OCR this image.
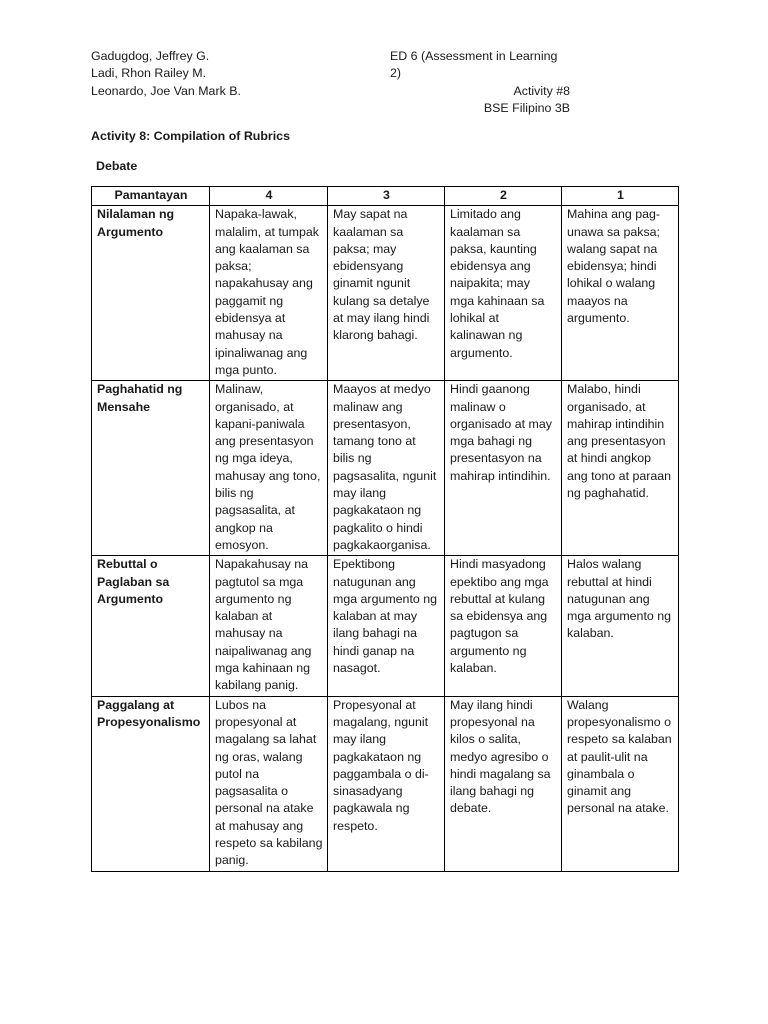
Gadugdog, Jeffrey G.
Ladi, Rhon Railey M.
Leonardo, Joe Van Mark B.
ED 6 (Assessment in Learning 2)
Activity #8
BSE Filipino 3B
Activity 8: Compilation of Rubrics
Debate
Pamantayan	4	3	2	1
Nilalaman ng Argumento	Napaka-lawak, malalim, at tumpak ang kaalaman sa paksa; napakahusay ang paggamit ng ebidensya at mahusay na ipinaliwanag ang mga punto.	May sapat na kaalaman sa paksa; may ebidensyang ginamit ngunit kulang sa detalye at may ilang hindi klarong bahagi.	Limitado ang kaalaman sa paksa, kaunting ebidensya ang naipakita; may mga kahinaan sa lohikal at kalinawan ng argumento.	Mahina ang pag-unawa sa paksa; walang sapat na ebidensya; hindi lohikal o walang maayos na argumento.
Paghahatid ng Mensahe	Malinaw, organisado, at kapani-paniwala ang presentasyon ng mga ideya, mahusay ang tono, bilis ng pagsasalita, at angkop na emosyon.	Maayos at medyo malinaw ang presentasyon, tamang tono at bilis ng pagsasalita, ngunit may ilang pagkakataon ng pagkalito o hindi pagkakaorganisa.	Hindi gaanong malinaw o organisado at may mga bahagi ng presentasyon na mahirap intindihin.	Malabo, hindi organisado, at mahirap intindihin ang presentasyon at hindi angkop ang tono at paraan ng paghahatid.
Rebuttal o Paglaban sa Argumento	Napakahusay na pagtutol sa mga argumento ng kalaban at mahusay na naipaliwanag ang mga kahinaan ng kabilang panig.	Epektibong natugunan ang mga argumento ng kalaban at may ilang bahagi na hindi ganap na nasagot.	Hindi masyadong epektibo ang mga rebuttal at kulang sa ebidensya ang pagtugon sa argumento ng kalaban.	Halos walang rebuttal at hindi natugunan ang mga argumento ng kalaban.
Paggalang at Propesyonalismo	Lubos na propesyonal at magalang sa lahat ng oras, walang putol na pagsasalita o personal na atake at mahusay ang respeto sa kabilang panig.	Propesyonal at magalang, ngunit may ilang pagkakataon ng paggambala o di-sinasadyang pagkawala ng respeto.	May ilang hindi propesyonal na kilos o salita, medyo agresibo o hindi magalang sa ilang bahagi ng debate.	Walang propesyonalismo o respeto sa kalaban at paulit-ulit na ginambala o ginamit ang personal na atake.
